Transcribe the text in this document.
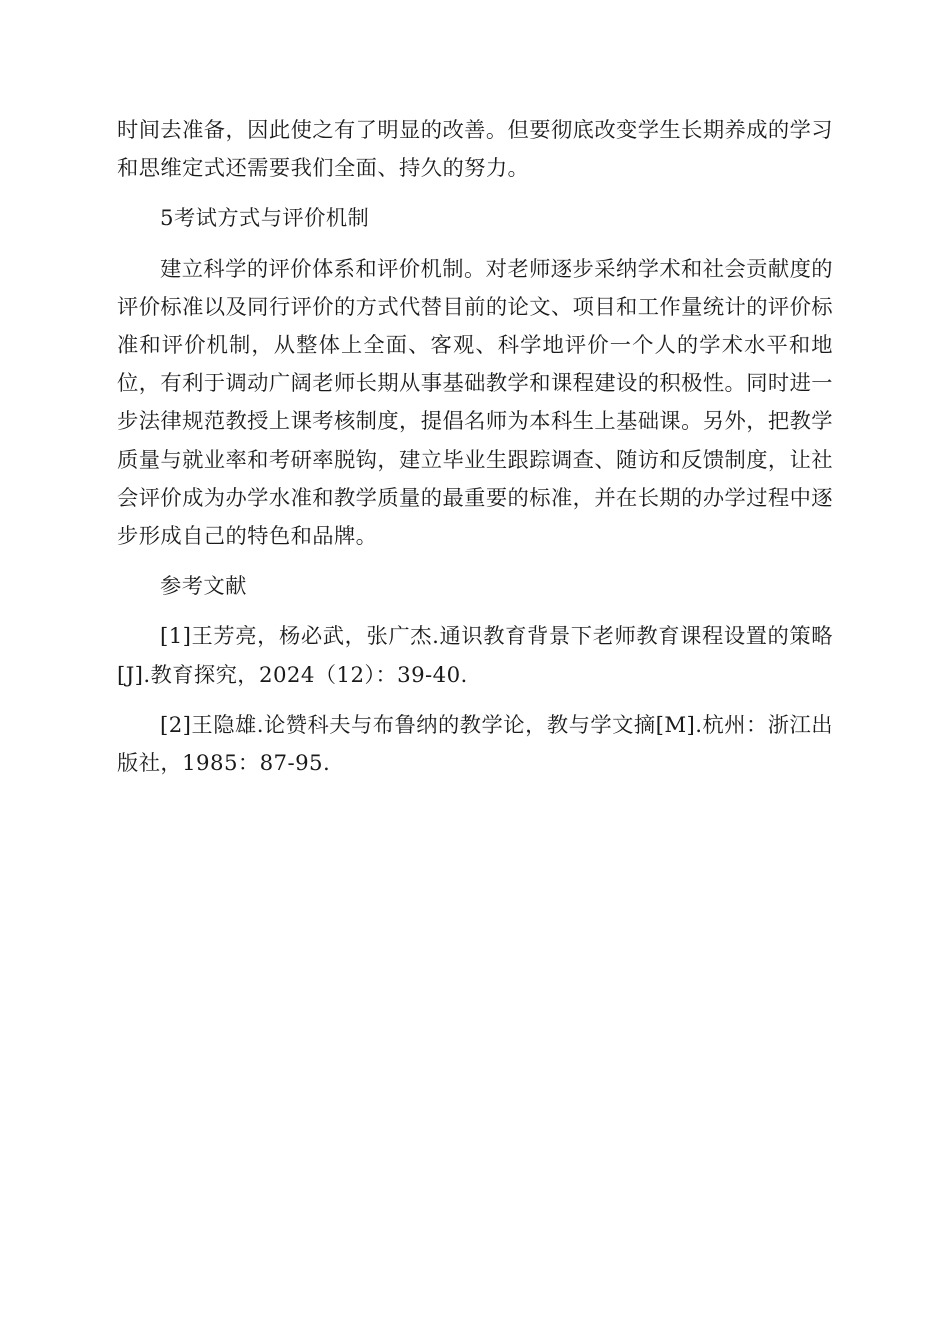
时间去准备，因此使之有了明显的改善。但要彻底改变学生长期养成的学习和思维定式还需要我们全面、持久的努力。

5考试方式与评价机制

建立科学的评价体系和评价机制。对老师逐步采纳学术和社会贡献度的评价标准以及同行评价的方式代替目前的论文、项目和工作量统计的评价标准和评价机制，从整体上全面、客观、科学地评价一个人的学术水平和地位，有利于调动广阔老师长期从事基础教学和课程建设的积极性。同时进一步法律规范教授上课考核制度，提倡名师为本科生上基础课。另外，把教学质量与就业率和考研率脱钩，建立毕业生跟踪调查、随访和反馈制度，让社会评价成为办学水准和教学质量的最重要的标准，并在长期的办学过程中逐步形成自己的特色和品牌。

参考文献

[1]王芳亮，杨必武，张广杰.通识教育背景下老师教育课程设置的策略[J].教育探究，2024（12）：39-40.

[2]王隐雄.论赞科夫与布鲁纳的教学论，教与学文摘[M].杭州：浙江出版社，1985：87-95.
